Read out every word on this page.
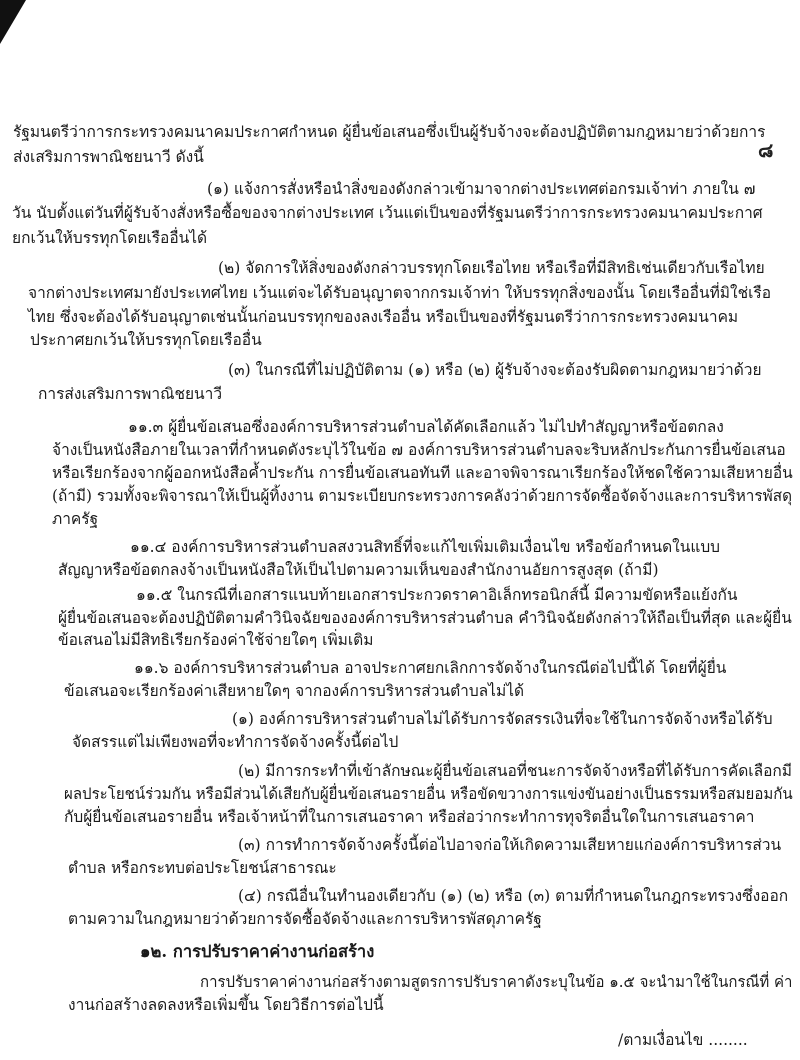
๘
รัฐมนตรีว่าการกระทรวงคมนาคมประกาศกำหนด ผู้ยื่นข้อเสนอซึ่งเป็นผู้รับจ้างจะต้องปฏิบัติตามกฎหมายว่าด้วยการ
ส่งเสริมการพาณิชยนาวี ดังนี้
(๑) แจ้งการสั่งหรือนำสิ่งของดังกล่าวเข้ามาจากต่างประเทศต่อกรมเจ้าท่า ภายใน ๗
วัน นับตั้งแต่วันที่ผู้รับจ้างสั่งหรือซื้อของจากต่างประเทศ เว้นแต่เป็นของที่รัฐมนตรีว่าการกระทรวงคมนาคมประกาศ
ยกเว้นให้บรรทุกโดยเรืออื่นได้
(๒) จัดการให้สิ่งของดังกล่าวบรรทุกโดยเรือไทย หรือเรือที่มีสิทธิเช่นเดียวกับเรือไทย
จากต่างประเทศมายังประเทศไทย เว้นแต่จะได้รับอนุญาตจากกรมเจ้าท่า ให้บรรทุกสิ่งของนั้น โดยเรืออื่นที่มิใช่เรือ
ไทย ซึ่งจะต้องได้รับอนุญาตเช่นนั้นก่อนบรรทุกของลงเรืออื่น หรือเป็นของที่รัฐมนตรีว่าการกระทรวงคมนาคม
ประกาศยกเว้นให้บรรทุกโดยเรืออื่น
(๓) ในกรณีที่ไม่ปฏิบัติตาม (๑) หรือ (๒) ผู้รับจ้างจะต้องรับผิดตามกฎหมายว่าด้วย
การส่งเสริมการพาณิชยนาวี
๑๑.๓ ผู้ยื่นข้อเสนอซึ่งองค์การบริหารส่วนตำบลได้คัดเลือกแล้ว ไม่ไปทำสัญญาหรือข้อตกลง
จ้างเป็นหนังสือภายในเวลาที่กำหนดดังระบุไว้ในข้อ ๗ องค์การบริหารส่วนตำบลจะริบหลักประกันการยื่นข้อเสนอ
หรือเรียกร้องจากผู้ออกหนังสือค้ำประกัน การยื่นข้อเสนอทันที และอาจพิจารณาเรียกร้องให้ชดใช้ความเสียหายอื่น
(ถ้ามี) รวมทั้งจะพิจารณาให้เป็นผู้ทิ้งงาน ตามระเบียบกระทรวงการคลังว่าด้วยการจัดซื้อจัดจ้างและการบริหารพัสดุ
ภาครัฐ
๑๑.๔ องค์การบริหารส่วนตำบลสงวนสิทธิ์ที่จะแก้ไขเพิ่มเติมเงื่อนไข หรือข้อกำหนดในแบบ
สัญญาหรือข้อตกลงจ้างเป็นหนังสือให้เป็นไปตามความเห็นของสำนักงานอัยการสูงสุด (ถ้ามี)
๑๑.๕ ในกรณีที่เอกสารแนบท้ายเอกสารประกวดราคาอิเล็กทรอนิกส์นี้ มีความขัดหรือแย้งกัน
ผู้ยื่นข้อเสนอจะต้องปฏิบัติตามคำวินิจฉัยขององค์การบริหารส่วนตำบล คำวินิจฉัยดังกล่าวให้ถือเป็นที่สุด และผู้ยื่น
ข้อเสนอไม่มีสิทธิเรียกร้องค่าใช้จ่ายใดๆ เพิ่มเติม
๑๑.๖ องค์การบริหารส่วนตำบล อาจประกาศยกเลิกการจัดจ้างในกรณีต่อไปนี้ได้ โดยที่ผู้ยื่น
ข้อเสนอจะเรียกร้องค่าเสียหายใดๆ จากองค์การบริหารส่วนตำบลไม่ได้
(๑) องค์การบริหารส่วนตำบลไม่ได้รับการจัดสรรเงินที่จะใช้ในการจัดจ้างหรือได้รับ
จัดสรรแต่ไม่เพียงพอที่จะทำการจัดจ้างครั้งนี้ต่อไป
(๒) มีการกระทำที่เข้าลักษณะผู้ยื่นข้อเสนอที่ชนะการจัดจ้างหรือที่ได้รับการคัดเลือกมี
ผลประโยชน์ร่วมกัน หรือมีส่วนได้เสียกับผู้ยื่นข้อเสนอรายอื่น หรือขัดขวางการแข่งขันอย่างเป็นธรรมหรือสมยอมกัน
กับผู้ยื่นข้อเสนอรายอื่น หรือเจ้าหน้าที่ในการเสนอราคา หรือส่อว่ากระทำการทุจริตอื่นใดในการเสนอราคา
(๓) การทำการจัดจ้างครั้งนี้ต่อไปอาจก่อให้เกิดความเสียหายแก่องค์การบริหารส่วน
ตำบล หรือกระทบต่อประโยชน์สาธารณะ
(๔) กรณีอื่นในทำนองเดียวกับ (๑) (๒) หรือ (๓) ตามที่กำหนดในกฎกระทรวงซึ่งออก
ตามความในกฎหมายว่าด้วยการจัดซื้อจัดจ้างและการบริหารพัสดุภาครัฐ
๑๒. การปรับราคาค่างานก่อสร้าง
การปรับราคาค่างานก่อสร้างตามสูตรการปรับราคาดังระบุในข้อ ๑.๕ จะนำมาใช้ในกรณีที่ ค่า
งานก่อสร้างลดลงหรือเพิ่มขึ้น โดยวิธีการต่อไปนี้
/ตามเงื่อนไข ........
